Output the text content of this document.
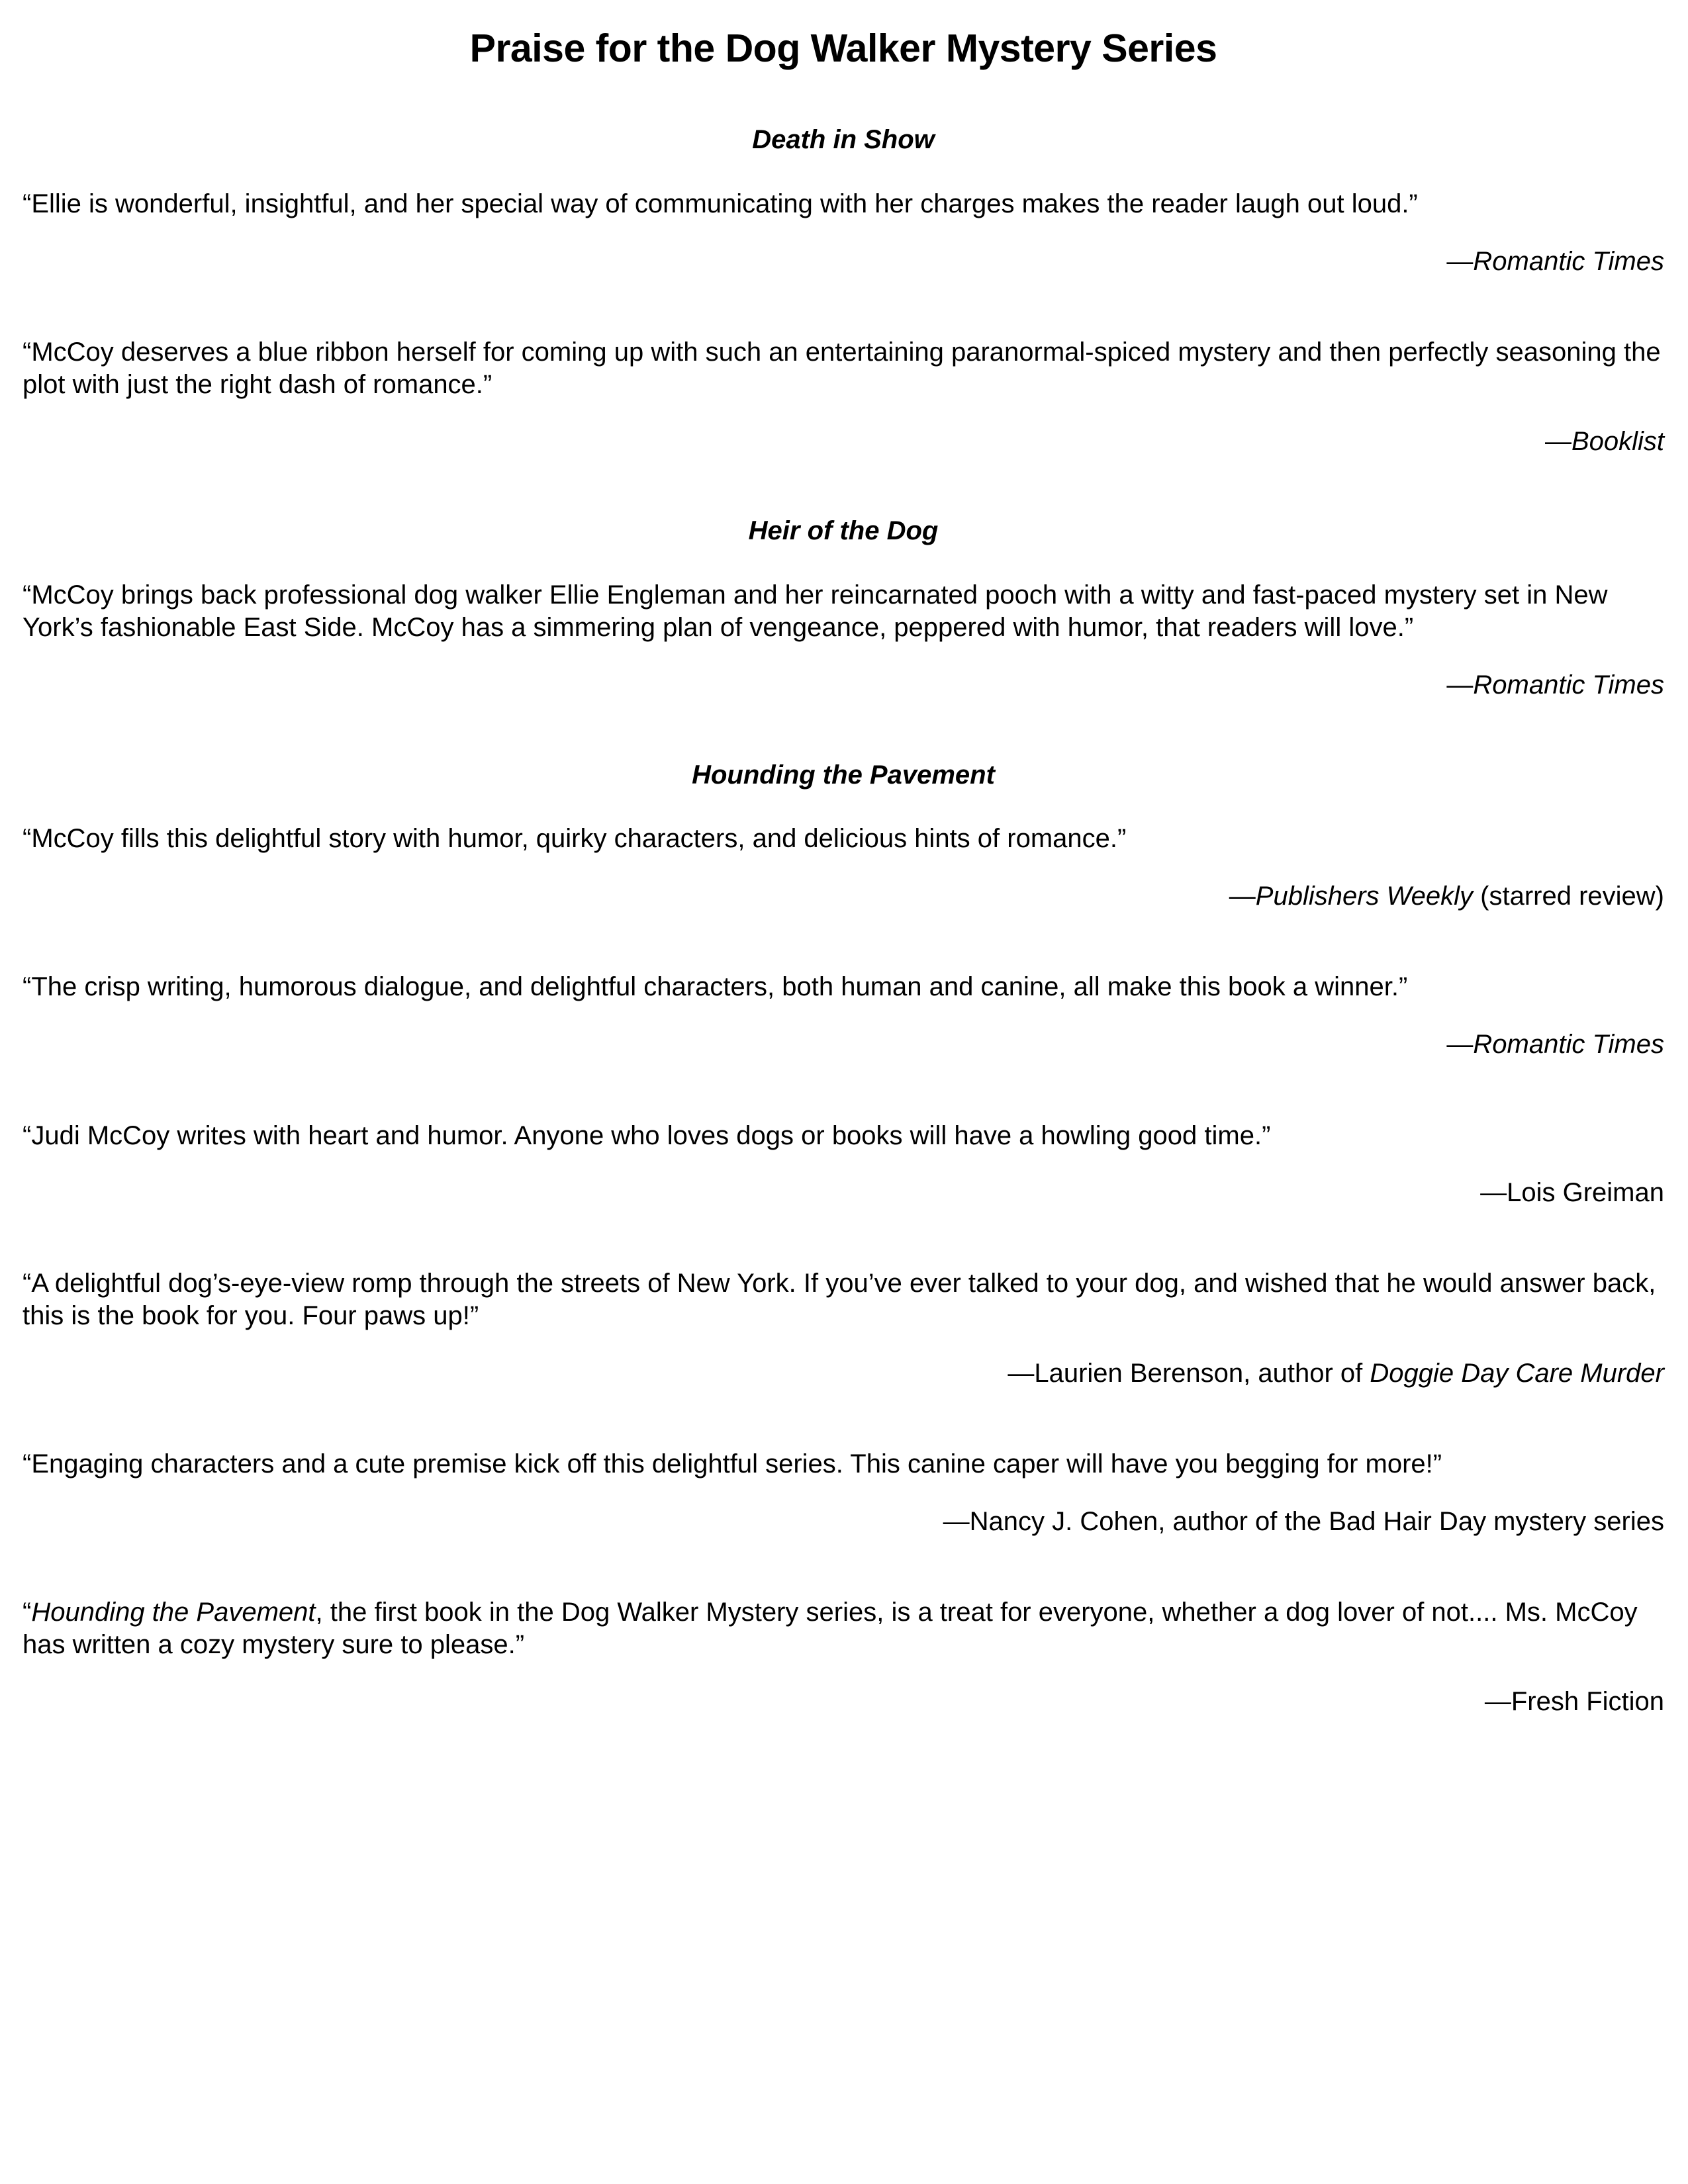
Praise for the Dog Walker Mystery Series
Death in Show

“Ellie is wonderful, insightful, and her special way of communicating with her charges makes the reader laugh out loud.”

—Romantic Times

“McCoy deserves a blue ribbon herself for coming up with such an entertaining paranormal-spiced mystery and then perfectly seasoning the plot with just the right dash of romance.”

—Booklist

Heir of the Dog

“McCoy brings back professional dog walker Ellie Engleman and her reincarnated pooch with a witty and fast-paced mystery set in New York’s fashionable East Side. McCoy has a simmering plan of vengeance, peppered with humor, that readers will love.”

—Romantic Times

Hounding the Pavement

“McCoy fills this delightful story with humor, quirky characters, and delicious hints of romance.”

—Publishers Weekly (starred review)

“The crisp writing, humorous dialogue, and delightful characters, both human and canine, all make this book a winner.”

—Romantic Times

“Judi McCoy writes with heart and humor. Anyone who loves dogs or books will have a howling good time.”

—Lois Greiman

“A delightful dog’s-eye-view romp through the streets of New York. If you’ve ever talked to your dog, and wished that he would answer back, this is the book for you. Four paws up!”

—Laurien Berenson, author of Doggie Day Care Murder

“Engaging characters and a cute premise kick off this delightful series. This canine caper will have you begging for more!”

—Nancy J. Cohen, author of the Bad Hair Day mystery series

“Hounding the Pavement, the first book in the Dog Walker Mystery series, is a treat for everyone, whether a dog lover of not.... Ms. McCoy has written a cozy mystery sure to please.”

—Fresh Fiction
